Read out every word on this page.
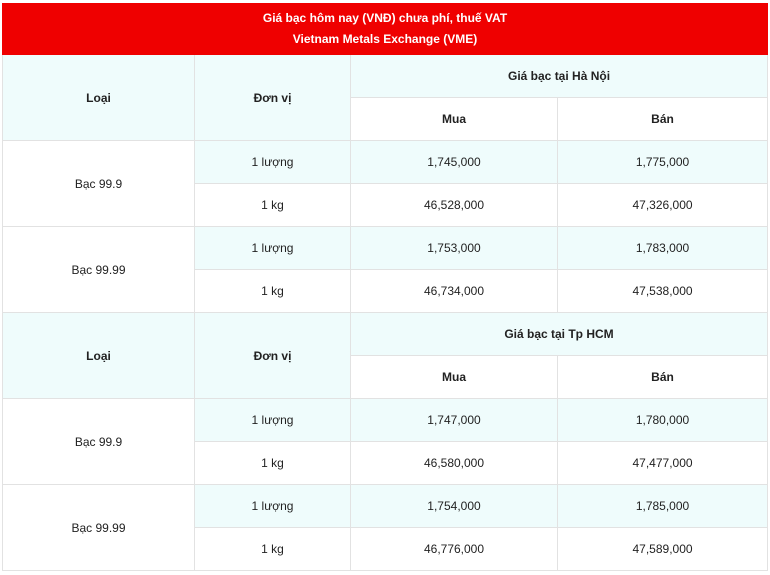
Giá bạc hôm nay (VNĐ) chưa phí, thuế VAT
Vietnam Metals Exchange (VME)			

Loại	Đơn vị	Giá bạc tại Hà Nội	
		Mua	Bán
Bạc 99.9	1 lượng	1,745,000	1,775,000
	1 kg	46,528,000	47,326,000
Bạc 99.99	1 lượng	1,753,000	1,783,000
	1 kg	46,734,000	47,538,000
Loại	Đơn vị	Giá bạc tại Tp HCM	
		Mua	Bán
Bạc 99.9	1 lượng	1,747,000	1,780,000
	1 kg	46,580,000	47,477,000
Bạc 99.99	1 lượng	1,754,000	1,785,000
	1 kg	46,776,000	47,589,000
